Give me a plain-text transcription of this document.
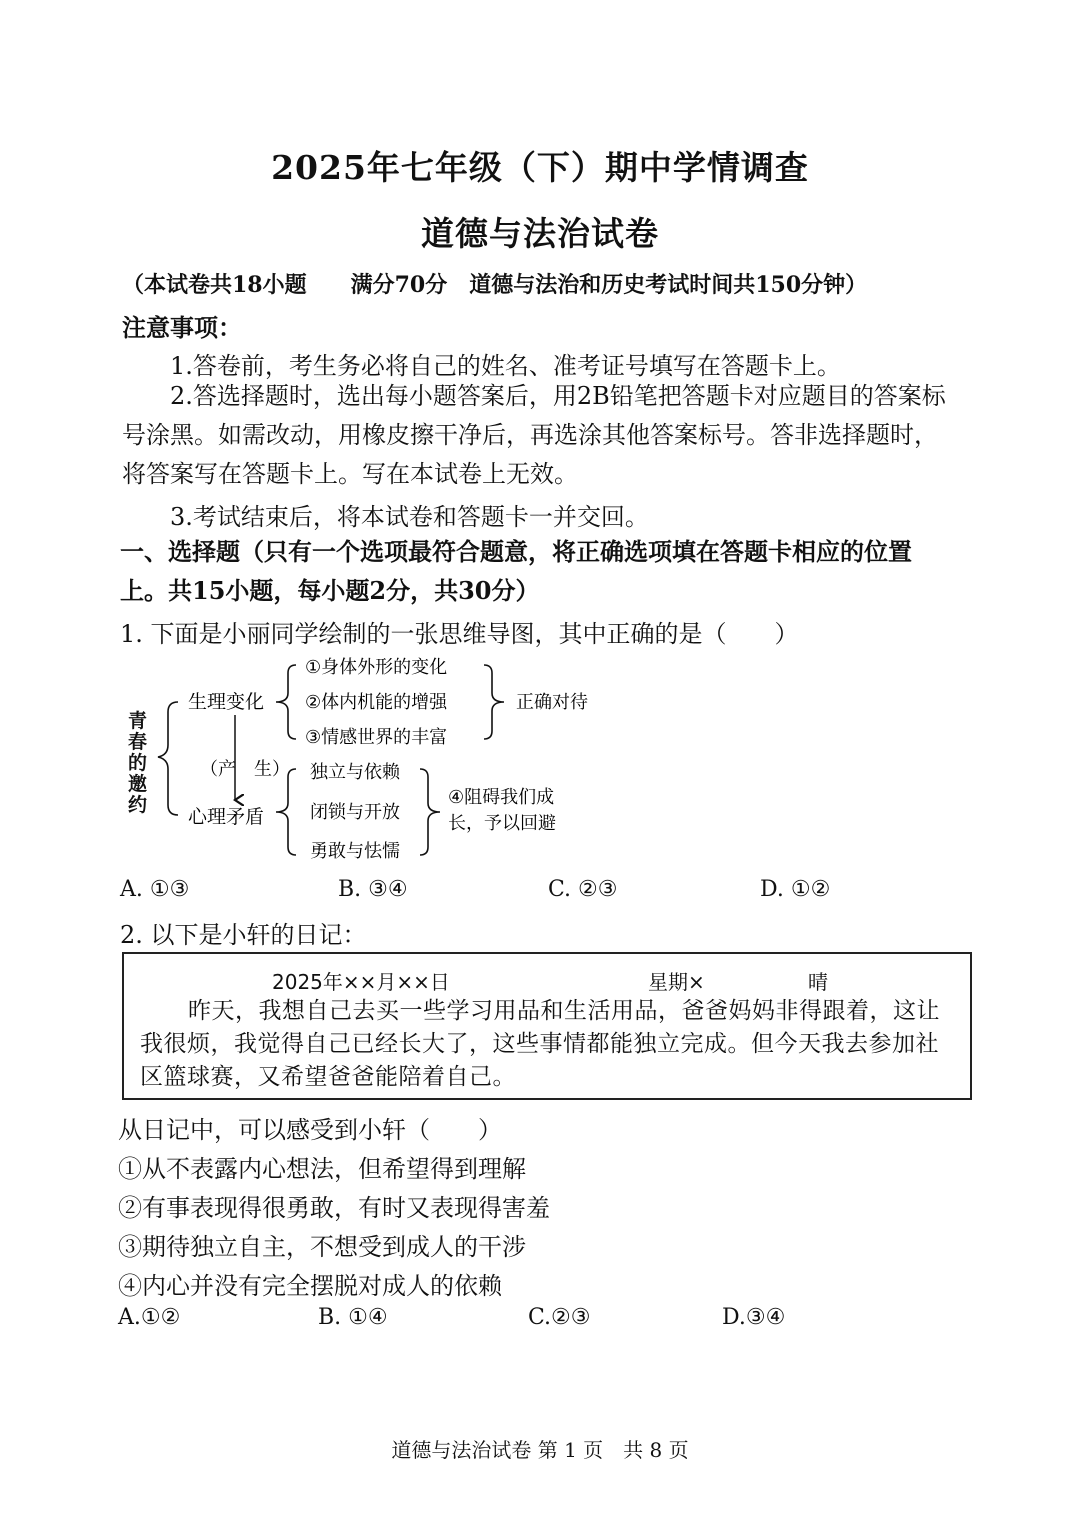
2025年七年级（下）期中学情调查
道德与法治试卷
（本试卷共18小题　　满分70分　道德与法治和历史考试时间共150分钟）
注意事项：
1.答卷前，考生务必将自己的姓名、准考证号填写在答题卡上。
2.答选择题时，选出每小题答案后，用2B铅笔把答题卡对应题目的答案标号涂黑。如需改动，用橡皮擦干净后，再选涂其他答案标号。答非选择题时，将答案写在答题卡上。写在本试卷上无效。
3.考试结束后，将本试卷和答题卡一并交回。
一、选择题（只有一个选项最符合题意，将正确选项填在答题卡相应的位置上。共15小题，每小题2分，共30分）
1. 下面是小丽同学绘制的一张思维导图，其中正确的是（　　）
青
春
的
邀
约
生理变化
心理矛盾
（产　生）
①身体外形的变化
②体内机能的增强
③情感世界的丰富
正确对待
独立与依赖
闭锁与开放
勇敢与怯懦
④阻碍我们成
长，予以回避
A. ①③	B. ③④	C. ②③	D. ①②
2. 以下是小轩的日记：
2025年××月××日	星期×	晴
昨天，我想自己去买一些学习用品和生活用品，爸爸妈妈非得跟着，这让我很烦，我觉得自己已经长大了，这些事情都能独立完成。但今天我去参加社区篮球赛，又希望爸爸能陪着自己。
从日记中，可以感受到小轩（　　）
①从不表露内心想法，但希望得到理解
②有事表现得很勇敢，有时又表现得害羞
③期待独立自主，不想受到成人的干涉
④内心并没有完全摆脱对成人的依赖
A.①②	B. ①④	C.②③	D.③④
道德与法治试卷 第 1 页　共 8 页
